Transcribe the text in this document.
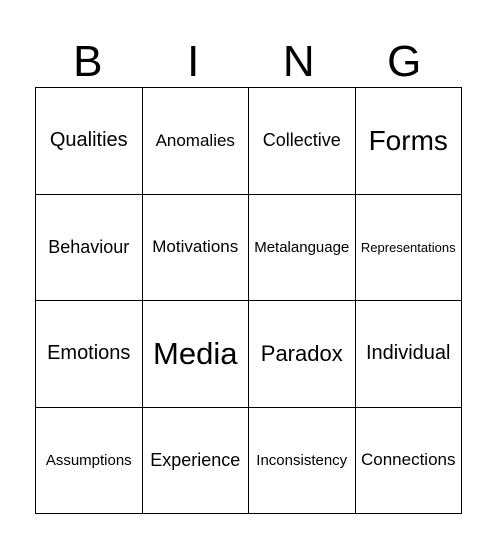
B	I	N	G
Qualities	Anomalies	Collective	Forms
Behaviour	Motivations	Metalanguage	Representations
Emotions	Media	Paradox	Individual
Assumptions	Experience	Inconsistency	Connections
